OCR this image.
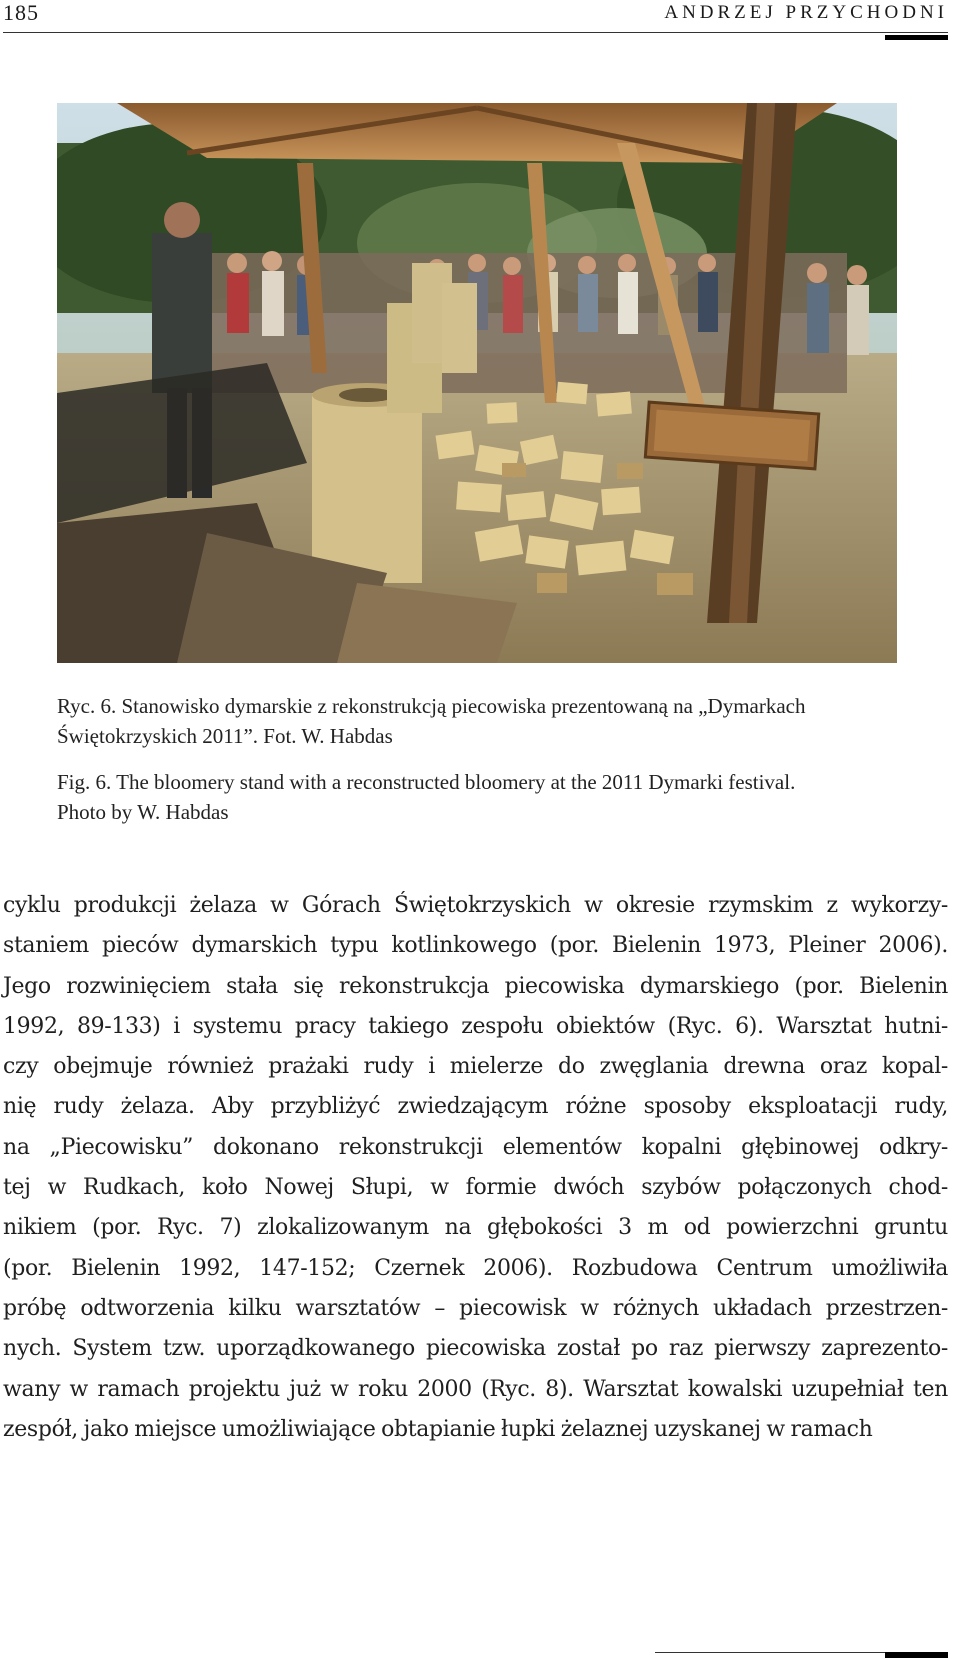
185	ANDRZEJ PRZYCHODNI
Ryc. 6. Stanowisko dymarskie z rekonstrukcją piecowiska prezentowaną na „Dymarkach
Świętokrzyskich 2011”. Fot. W. Habdas
Fig. 6. The bloomery stand with a reconstructed bloomery at the 2011 Dymarki festival.
Photo by W. Habdas
cyklu produkcji żelaza w Górach Świętokrzyskich w okresie rzymskim z wykorzy-
staniem pieców dymarskich typu kotlinkowego (por. Bielenin 1973, Pleiner 2006).
Jego rozwinięciem stała się rekonstrukcja piecowiska dymarskiego (por. Bielenin
1992, 89-133) i systemu pracy takiego zespołu obiektów (Ryc. 6). Warsztat hutni-
czy obejmuje również prażaki rudy i mielerze do zwęglania drewna oraz kopal-
nię rudy żelaza. Aby przybliżyć zwiedzającym różne sposoby eksploatacji rudy,
na „Piecowisku” dokonano rekonstrukcji elementów kopalni głębinowej odkry-
tej w Rudkach, koło Nowej Słupi, w formie dwóch szybów połączonych chod-
nikiem (por. Ryc. 7) zlokalizowanym na głębokości 3 m od powierzchni gruntu
(por. Bielenin 1992, 147-152; Czernek 2006). Rozbudowa Centrum umożliwiła
próbę odtworzenia kilku warsztatów – piecowisk w różnych układach przestrzen-
nych. System tzw. uporządkowanego piecowiska został po raz pierwszy zaprezento-
wany w ramach projektu już w roku 2000 (Ryc. 8). Warsztat kowalski uzupełniał ten
zespół, jako miejsce umożliwiające obtapianie łupki żelaznej uzyskanej w ramach
